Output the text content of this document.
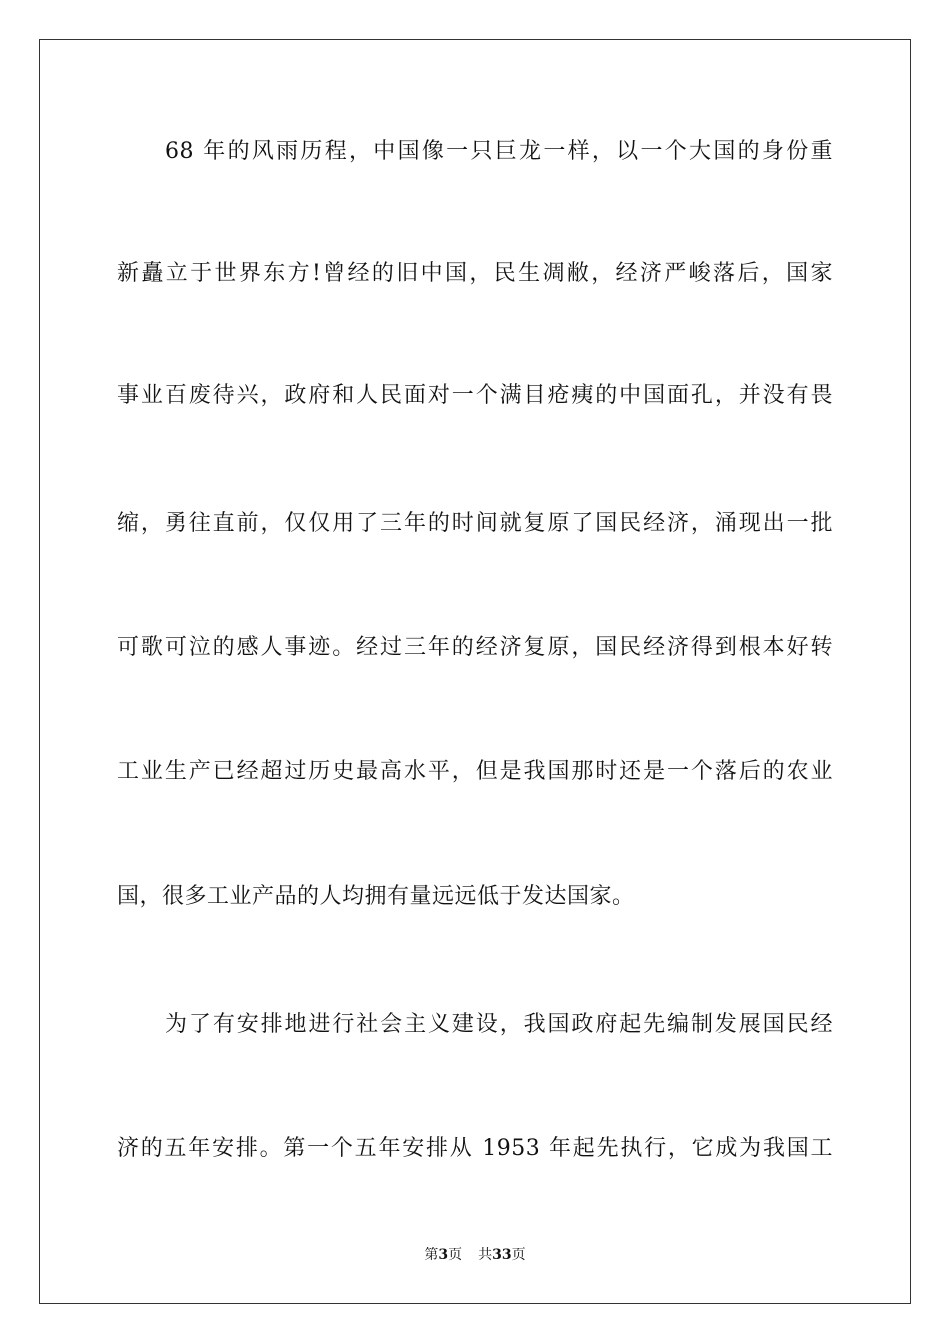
68 年的风雨历程，中国像一只巨龙一样，以一个大国的身份重
新矗立于世界东方!曾经的旧中国，民生凋敝，经济严峻落后，国家
事业百废待兴，政府和人民面对一个满目疮痍的中国面孔，并没有畏
缩，勇往直前，仅仅用了三年的时间就复原了国民经济，涌现出一批
可歌可泣的感人事迹。经过三年的经济复原，国民经济得到根本好转
工业生产已经超过历史最高水平，但是我国那时还是一个落后的农业
国，很多工业产品的人均拥有量远远低于发达国家。
为了有安排地进行社会主义建设，我国政府起先编制发展国民经
济的五年安排。第一个五年安排从 1953 年起先执行，它成为我国工
第3页 共33页
